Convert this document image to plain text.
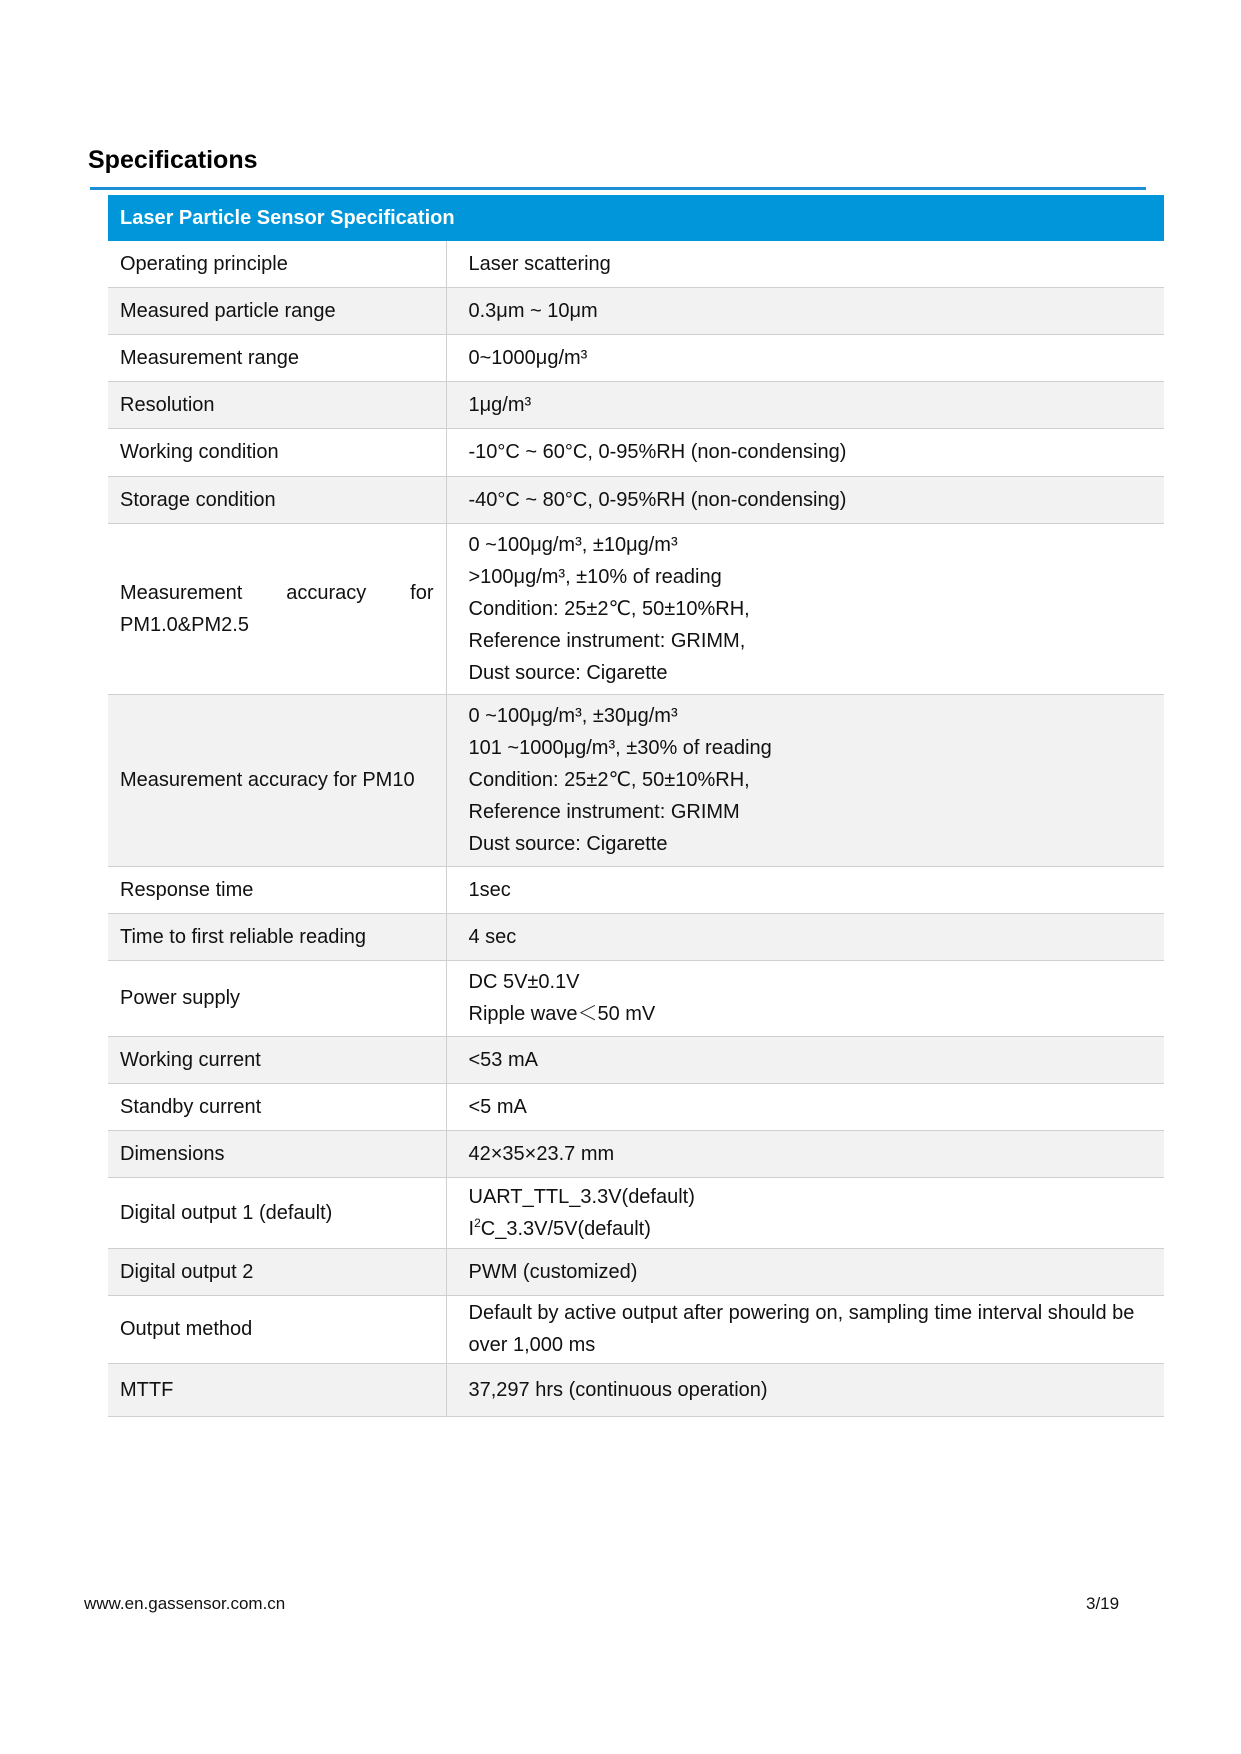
Specifications
Laser Particle Sensor Specification	
Operating principle	Laser scattering
Measured particle range	0.3μm ~ 10μm
Measurement range	0~1000μg/m³
Resolution	1μg/m³
Working condition	-10°C ~ 60°C, 0-95%RH (non-condensing)
Storage condition	-40°C ~ 80°C, 0-95%RH (non-condensing)

Measurement accuracy for
PM1.0&PM2.5	0 ~100μg/m³, ±10μg/m³
>100μg/m³, ±10% of reading
Condition: 25±2℃, 50±10%RH,
Reference instrument: GRIMM,
Dust source: Cigarette

Measurement accuracy for PM10	0 ~100μg/m³, ±30μg/m³
101 ~1000μg/m³, ±30% of reading
Condition: 25±2℃, 50±10%RH,
Reference instrument: GRIMM
Dust source: Cigarette

Response time	1sec
Time to first reliable reading	4 sec
Power supply	DC 5V±0.1V
Ripple wave＜50 mV

Working current	<53 mA
Standby current	<5 mA
Dimensions	42×35×23.7 mm
Digital output 1 (default)	UART_TTL_3.3V(default)
$I^2C\_3.3V/5V(default)$

Digital output 2	PWM (customized)
Output method	Default by active output after powering on, sampling time interval should be over 1,000 ms
MTTF	37,297 hrs (continuous operation)
www.en.gassensor.com.cn	3/19
